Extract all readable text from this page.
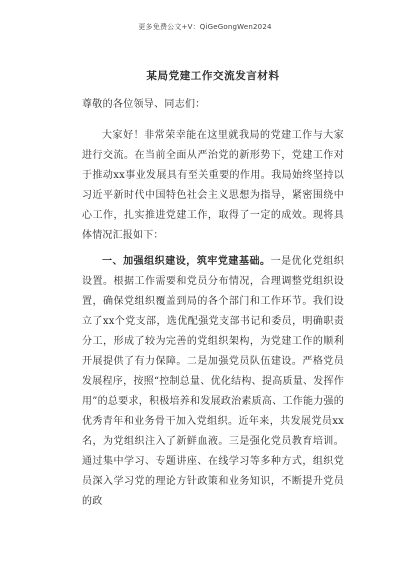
更多免费公文+V：QiGeGongWen2024
某局党建工作交流发言材料
尊敬的各位领导、同志们：

大家好！非常荣幸能在这里就我局的党建工作与大家进行交流。在当前全面从严治党的新形势下，党建工作对于推动xx事业发展具有至关重要的作用。我局始终坚持以习近平新时代中国特色社会主义思想为指导，紧密围绕中心工作，扎实推进党建工作，取得了一定的成效。现将具体情况汇报如下：

一、加强组织建设，筑牢党建基础。一是优化党组织设置。根据工作需要和党员分布情况，合理调整党组织设置，确保党组织覆盖到局的各个部门和工作环节。我们设立了xx个党支部，选优配强党支部书记和委员，明确职责分工，形成了较为完善的党组织架构，为党建工作的顺利开展提供了有力保障。二是加强党员队伍建设。严格党员发展程序，按照“控制总量、优化结构、提高质量、发挥作用”的总要求，积极培养和发展政治素质高、工作能力强的优秀青年和业务骨干加入党组织。近年来，共发展党员xx名，为党组织注入了新鲜血液。三是强化党员教育培训。通过集中学习、专题讲座、在线学习等多种方式，组织党员深入学习党的理论方针政策和业务知识，不断提升党员的政
